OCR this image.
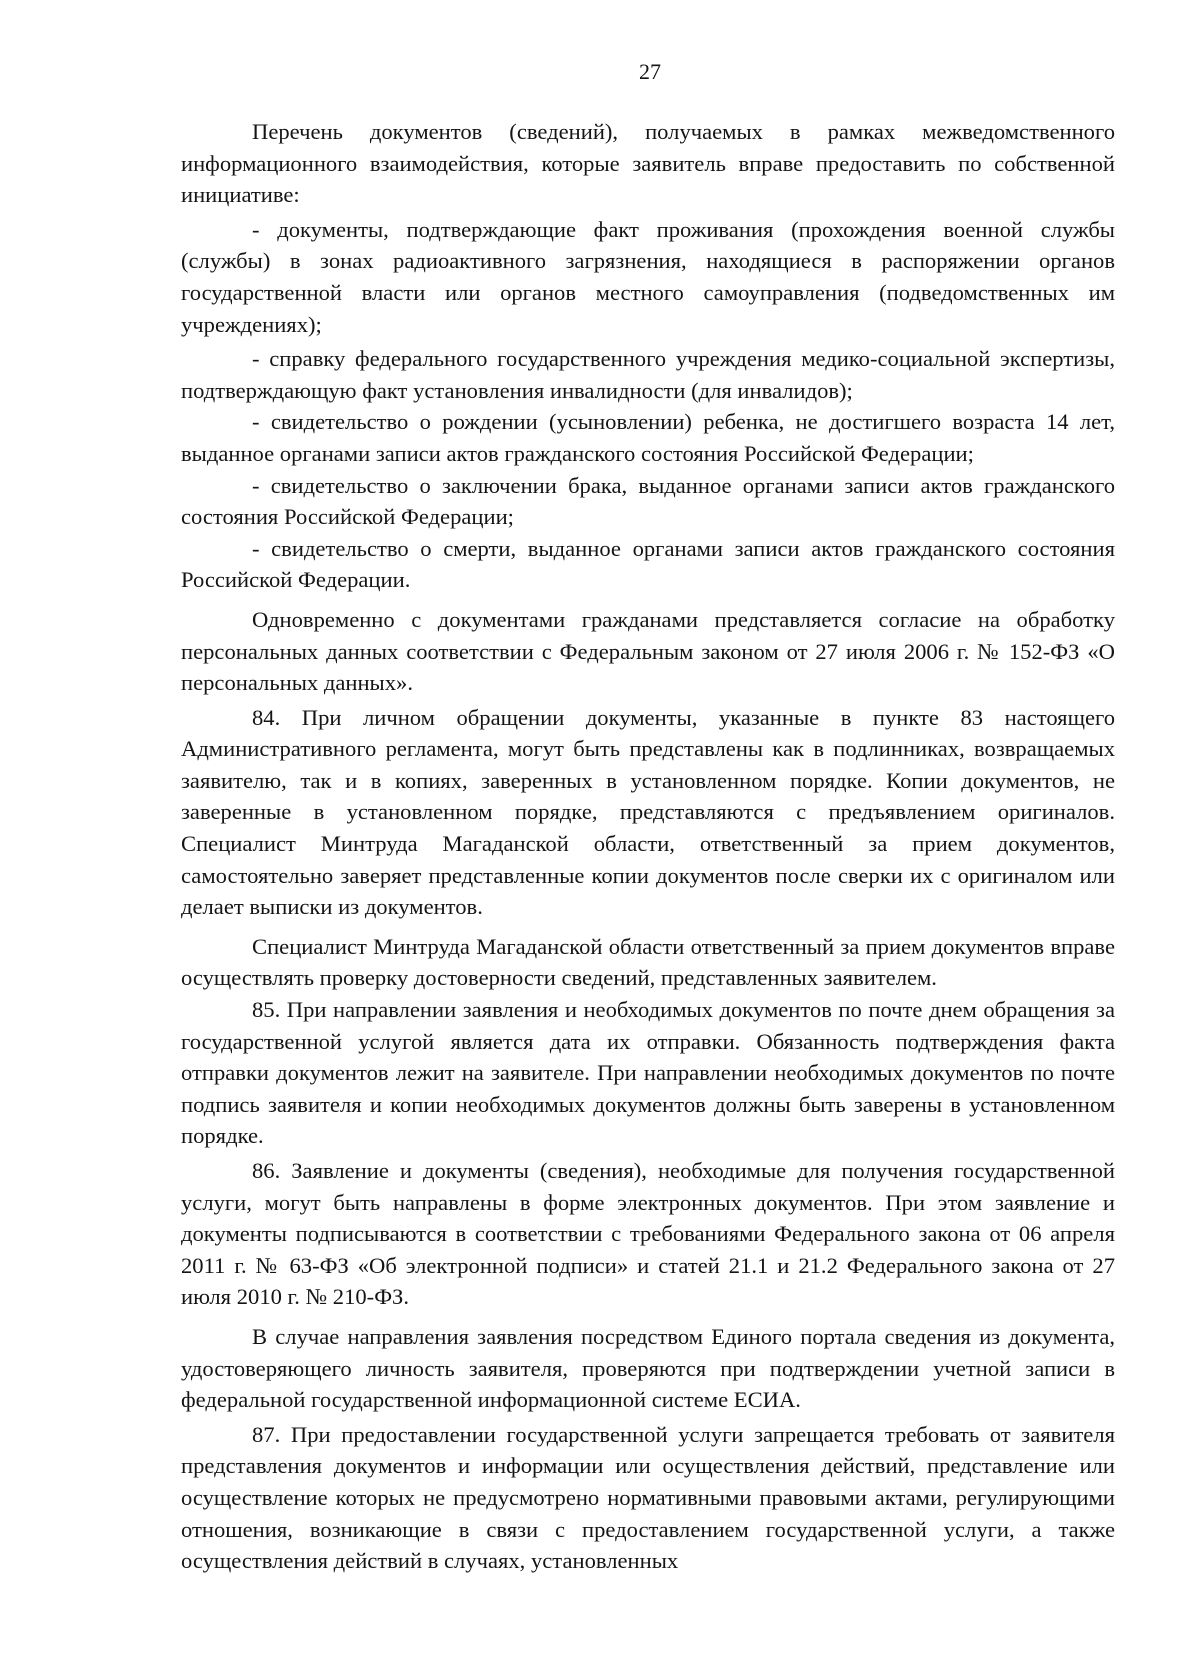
27

Перечень документов (сведений), получаемых в рамках межведомственного информационного взаимодействия, которые заявитель вправе предоставить по собственной инициативе:

- документы, подтверждающие факт проживания (прохождения военной службы (службы) в зонах радиоактивного загрязнения, находящиеся в распоряжении органов государственной власти или органов местного самоуправления (подведомственных им учреждениях);

- справку федерального государственного учреждения медико-социальной экспертизы, подтверждающую факт установления инвалидности (для инвалидов);

- свидетельство о рождении (усыновлении) ребенка, не достигшего возраста 14 лет, выданное органами записи актов гражданского состояния Российской Федерации;

- свидетельство о заключении брака, выданное органами записи актов гражданского состояния Российской Федерации;

- свидетельство о смерти, выданное органами записи актов гражданского состояния Российской Федерации.

Одновременно с документами гражданами представляется согласие на обработку персональных данных соответствии с Федеральным законом от 27 июля 2006 г. № 152-ФЗ «О персональных данных».

84. При личном обращении документы, указанные в пункте 83 настоящего Административного регламента, могут быть представлены как в подлинниках, возвращаемых заявителю, так и в копиях, заверенных в установленном порядке. Копии документов, не заверенные в установленном порядке, представляются с предъявлением оригиналов. Специалист Минтруда Магаданской области, ответственный за прием документов, самостоятельно заверяет представленные копии документов после сверки их с оригиналом или делает выписки из документов.

Специалист Минтруда Магаданской области ответственный за прием документов вправе осуществлять проверку достоверности сведений, представленных заявителем.

85. При направлении заявления и необходимых документов по почте днем обращения за государственной услугой является дата их отправки. Обязанность подтверждения факта отправки документов лежит на заявителе. При направлении необходимых документов по почте подпись заявителя и копии необходимых документов должны быть заверены в установленном порядке.

86. Заявление и документы (сведения), необходимые для получения государственной услуги, могут быть направлены в форме электронных документов. При этом заявление и документы подписываются в соответствии с требованиями Федерального закона от 06 апреля 2011 г. № 63-ФЗ «Об электронной подписи» и статей 21.1 и 21.2 Федерального закона от 27 июля 2010 г. № 210-ФЗ.

В случае направления заявления посредством Единого портала сведения из документа, удостоверяющего личность заявителя, проверяются при подтверждении учетной записи в федеральной государственной информационной системе ЕСИА.

87. При предоставлении государственной услуги запрещается требовать от заявителя представления документов и информации или осуществления действий, представление или осуществление которых не предусмотрено нормативными правовыми актами, регулирующими отношения, возникающие в связи с предоставлением государственной услуги, а также осуществления действий в случаях, установленных
